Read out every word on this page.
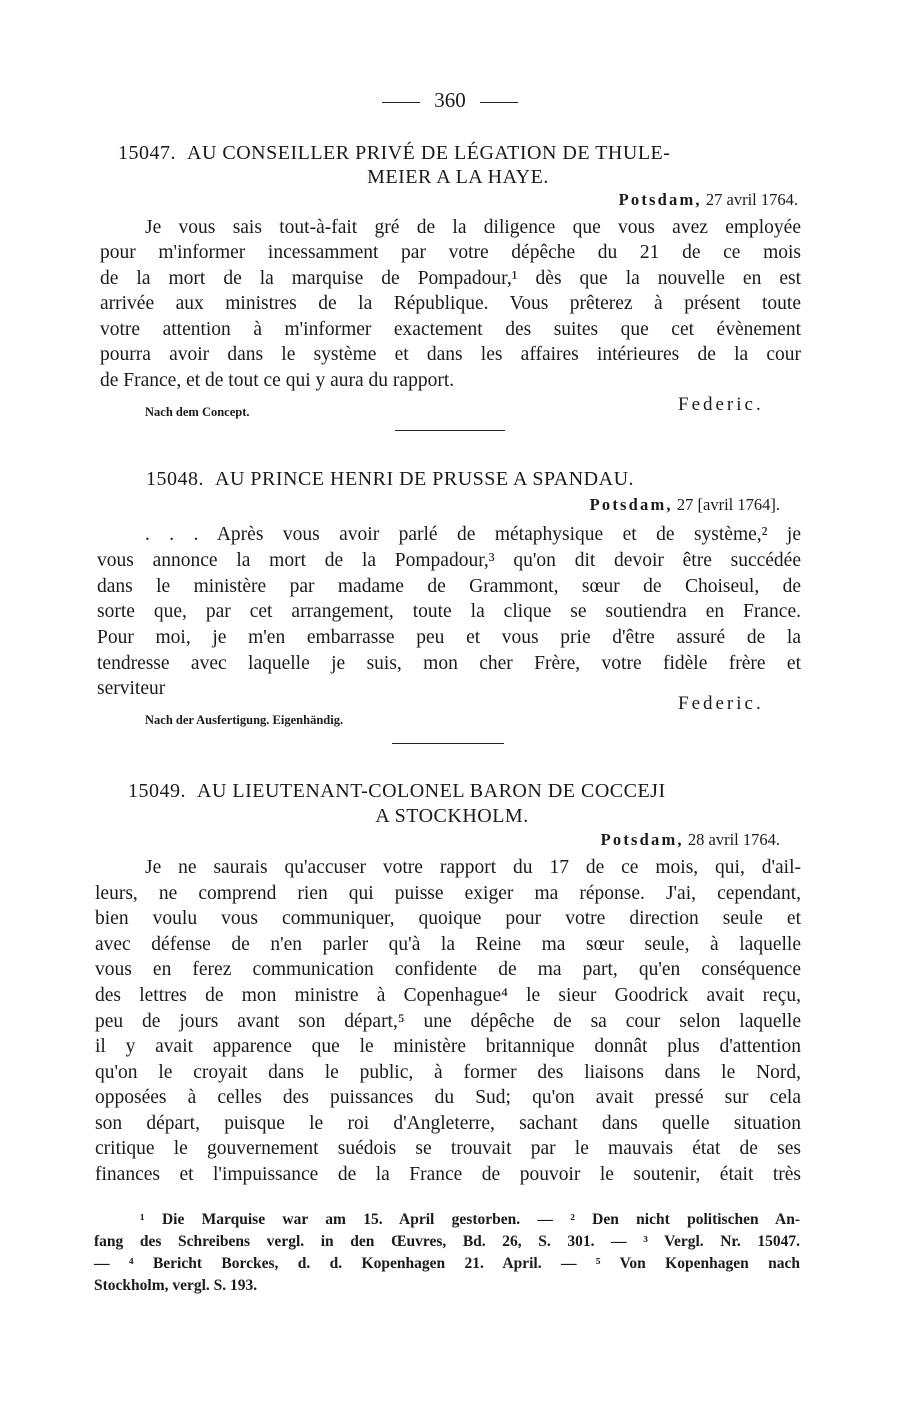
360
15047. AU CONSEILLER PRIVÉ DE LÉGATION DE THULE-
MEIER A LA HAYE.
Potsdam, 27 avril 1764.
Je vous sais tout-à-fait gré de la diligence que vous avez employée
pour m'informer incessamment par votre dépêche du 21 de ce mois
de la mort de la marquise de Pompadour,¹ dès que la nouvelle en est
arrivée aux ministres de la République. Vous prêterez à présent toute
votre attention à m'informer exactement des suites que cet évènement
pourra avoir dans le système et dans les affaires intérieures de la cour
de France, et de tout ce qui y aura du rapport.
Nach dem Concept.	Federic.
15048. AU PRINCE HENRI DE PRUSSE A SPANDAU.
Potsdam, 27 [avril 1764].
. . . Après vous avoir parlé de métaphysique et de système,² je
vous annonce la mort de la Pompadour,³ qu'on dit devoir être succédée
dans le ministère par madame de Grammont, sœur de Choiseul, de
sorte que, par cet arrangement, toute la clique se soutiendra en France.
Pour moi, je m'en embarrasse peu et vous prie d'être assuré de la
tendresse avec laquelle je suis, mon cher Frère, votre fidèle frère et
serviteur
Federic.
Nach der Ausfertigung. Eigenhändig.
15049. AU LIEUTENANT-COLONEL BARON DE COCCEJI
A STOCKHOLM.
Potsdam, 28 avril 1764.
Je ne saurais qu'accuser votre rapport du 17 de ce mois, qui, d'ail-
leurs, ne comprend rien qui puisse exiger ma réponse. J'ai, cependant,
bien voulu vous communiquer, quoique pour votre direction seule et
avec défense de n'en parler qu'à la Reine ma sœur seule, à laquelle
vous en ferez communication confidente de ma part, qu'en conséquence
des lettres de mon ministre à Copenhague⁴ le sieur Goodrick avait reçu,
peu de jours avant son départ,⁵ une dépêche de sa cour selon laquelle
il y avait apparence que le ministère britannique donnât plus d'attention
qu'on le croyait dans le public, à former des liaisons dans le Nord,
opposées à celles des puissances du Sud; qu'on avait pressé sur cela
son départ, puisque le roi d'Angleterre, sachant dans quelle situation
critique le gouvernement suédois se trouvait par le mauvais état de ses
finances et l'impuissance de la France de pouvoir le soutenir, était très
¹ Die Marquise war am 15. April gestorben. — ² Den nicht politischen An-
fang des Schreibens vergl. in den Œuvres, Bd. 26, S. 301. — ³ Vergl. Nr. 15047.
— ⁴ Bericht Borckes, d. d. Kopenhagen 21. April. — ⁵ Von Kopenhagen nach
Stockholm, vergl. S. 193.
